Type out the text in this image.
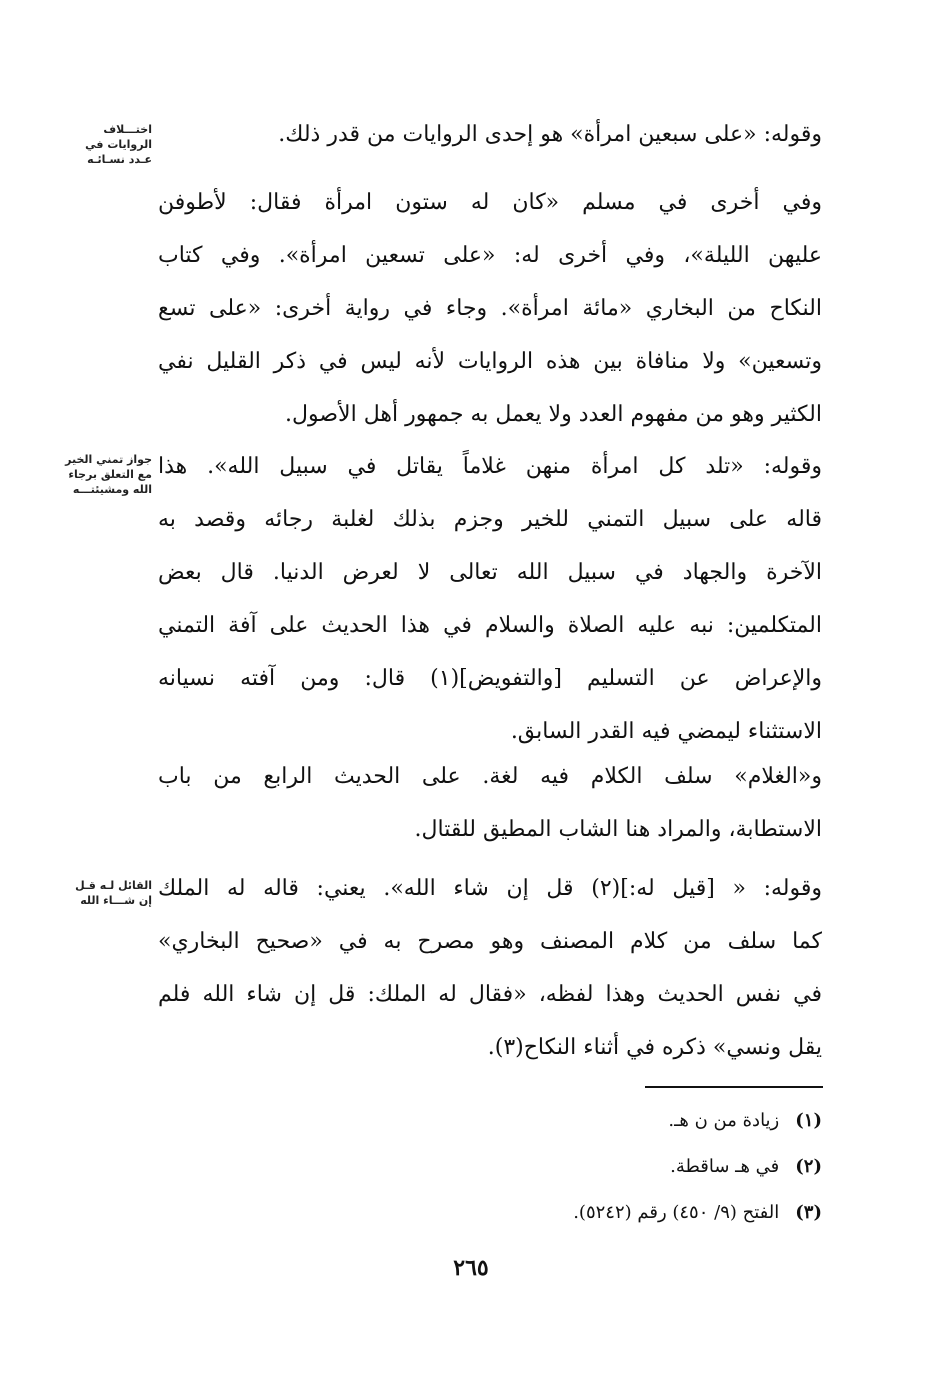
اختـــلاف
الروايات في
عـدد نسـائـه
جواز تمني الخير
مع التعلق برجاء
الله ومشيئتـــه
القائل لـه قـل
إن شـــاء الله
وقوله: «على سبعين امرأة» هو إحدى الروايات من قدر ذلك.
وفي أخرى في مسلم «كان له ستون امرأة فقال: لأطوفن
عليهن الليلة»، وفي أخرى له: «على تسعين امرأة». وفي كتاب
النكاح من البخاري «مائة امرأة». وجاء في رواية أخرى: «على تسع
وتسعين» ولا منافاة بين هذه الروايات لأنه ليس في ذكر القليل نفي
الكثير وهو من مفهوم العدد ولا يعمل به جمهور أهل الأصول.
وقوله: «تلد كل امرأة منهن غلاماً يقاتل في سبيل الله». هذا
قاله على سبيل التمني للخير وجزم بذلك لغلبة رجائه وقصد به
الآخرة والجهاد في سبيل الله تعالى لا لعرض الدنيا. قال بعض
المتكلمين: نبه عليه الصلاة والسلام في هذا الحديث على آفة التمني
والإعراض عن التسليم [والتفويض](١) قال: ومن آفته نسيانه
الاستثناء ليمضي فيه القدر السابق.
و«الغلام» سلف الكلام فيه لغة. على الحديث الرابع من باب
الاستطابة، والمراد هنا الشاب المطيق للقتال.
وقوله: « [قيل له:](٢) قل إن شاء الله». يعني: قاله له الملك
كما سلف من كلام المصنف وهو مصرح به في «صحيح البخاري»
في نفس الحديث وهذا لفظه، «فقال له الملك: قل إن شاء الله فلم
يقل ونسي» ذكره في أثناء النكاح(٣).
(١)
زيادة من ن هـ.
(٢)
في هـ ساقطة.
(٣)
الفتح (٩/ ٤٥٠) رقم (٥٢٤٢).
٢٦٥
